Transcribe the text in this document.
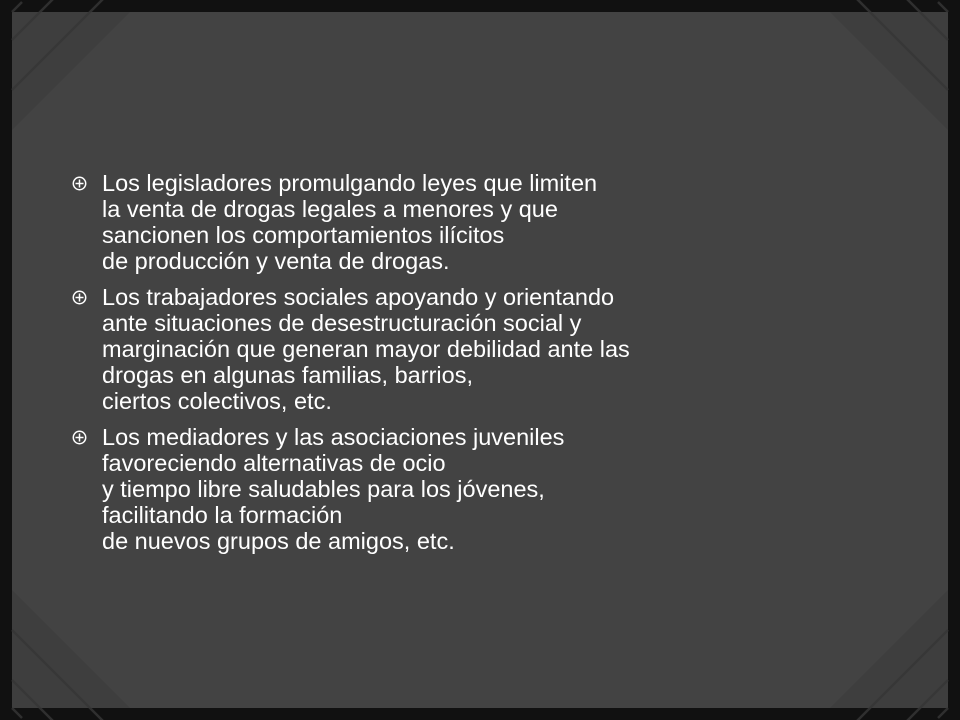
Los legisladores promulgando leyes que limiten
la venta de drogas legales a menores y que
sancionen los comportamientos ilícitos
de producción y venta de drogas.
Los trabajadores sociales apoyando y orientando
ante situaciones de desestructuración social y
marginación que generan mayor debilidad ante las
drogas en algunas familias, barrios,
ciertos colectivos, etc.
Los mediadores y las asociaciones juveniles
favoreciendo alternativas de ocio
y tiempo libre saludables para los jóvenes,
facilitando la formación
de nuevos grupos de amigos, etc.
